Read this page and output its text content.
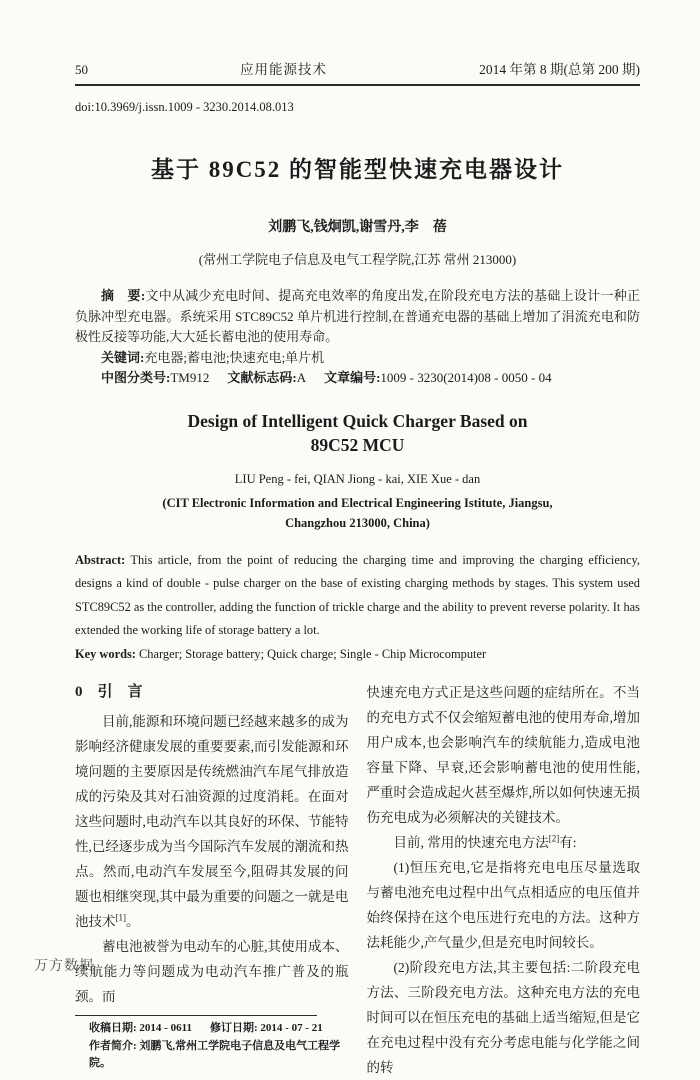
50	应用能源技术	2014 年第 8 期(总第 200 期)
doi:10.3969/j.issn.1009 - 3230.2014.08.013
基于 89C52 的智能型快速充电器设计
刘鹏飞,钱炯凯,谢雪丹,李　蓓
(常州工学院电子信息及电气工程学院,江苏 常州 213000)

摘　要:文中从减少充电时间、提高充电效率的角度出发,在阶段充电方法的基础上设计一种正负脉冲型充电器。系统采用 STC89C52 单片机进行控制,在普通充电器的基础上增加了涓流充电和防极性反接等功能,大大延长蓄电池的使用寿命。

关键词:充电器;蓄电池;快速充电;单片机

中图分类号:TM912 文献标志码:A 文章编号:1009 - 3230(2014)08 - 0050 - 04

Design of Intelligent Quick Charger Based on
89C52 MCU
LIU Peng - fei, QIAN Jiong - kai, XIE Xue - dan
(CIT Electronic Information and Electrical Engineering Istitute, Jiangsu,
Changzhou 213000, China)

Abstract: This article, from the point of reducing the charging time and improving the charging efficiency, designs a kind of double - pulse charger on the base of existing charging methods by stages. This system used STC89C52 as the controller, adding the function of trickle charge and the ability to prevent reverse polarity. It has extended the working life of storage battery a lot.

Key words: Charger; Storage battery; Quick charge; Single - Chip Microcomputer

0　引　言

目前,能源和环境问题已经越来越多的成为影响经济健康发展的重要要素,而引发能源和环境问题的主要原因是传统燃油汽车尾气排放造成的污染及其对石油资源的过度消耗。在面对这些问题时,电动汽车以其良好的环保、节能特性,已经逐步成为当今国际汽车发展的潮流和热点。然而,电动汽车发展至今,阻碍其发展的问题也相继突现,其中最为重要的问题之一就是电池技术[1]。

蓄电池被誉为电动车的心脏,其使用成本、续航能力等问题成为电动汽车推广普及的瓶颈。而

收稿日期: 2014 - 0611 修订日期: 2014 - 07 - 21
作者简介: 刘鹏飞,常州工学院电子信息及电气工程学院。

快速充电方式正是这些问题的症结所在。不当的充电方式不仅会缩短蓄电池的使用寿命,增加用户成本,也会影响汽车的续航能力,造成电池容量下降、早衰,还会影响蓄电池的使用性能,严重时会造成起火甚至爆炸,所以如何快速无损伤充电成为必须解决的关键技术。

目前, 常用的快速充电方法[2]有:

(1)恒压充电,它是指将充电电压尽量选取与蓄电池充电过程中出气点相适应的电压值并始终保持在这个电压进行充电的方法。这种方法耗能少,产气量少,但是充电时间较长。

(2)阶段充电方法,其主要包括:二阶段充电方法、三阶段充电方法。这种充电方法的充电时间可以在恒压充电的基础上适当缩短,但是它在充电过程中没有充分考虑电能与化学能之间的转

万方数据
